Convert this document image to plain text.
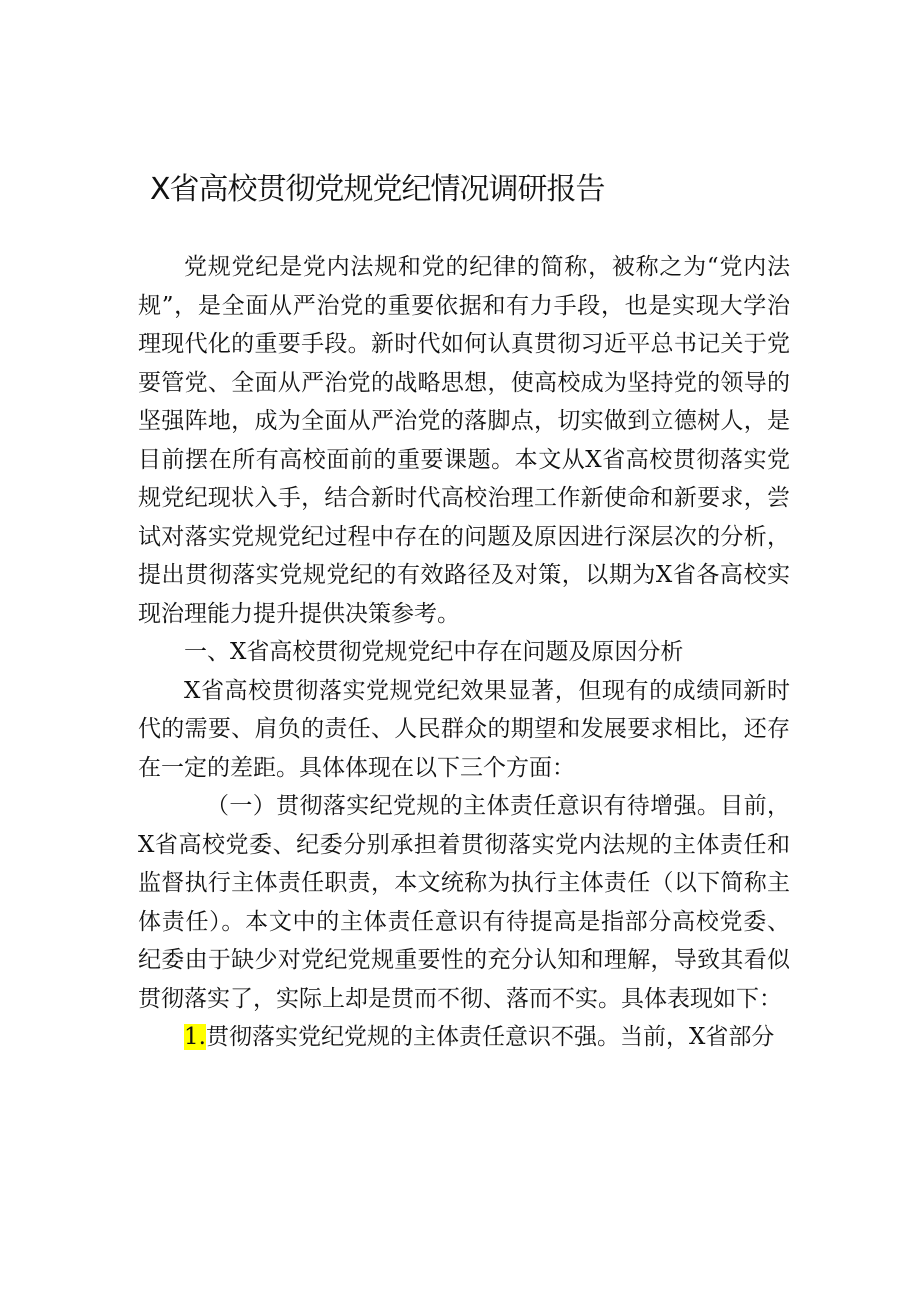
X省高校贯彻党规党纪情况调研报告

党规党纪是党内法规和党的纪律的简称，被称之为“党内法规”，是全面从严治党的重要依据和有力手段，也是实现大学治理现代化的重要手段。新时代如何认真贯彻习近平总书记关于党要管党、全面从严治党的战略思想，使高校成为坚持党的领导的坚强阵地，成为全面从严治党的落脚点，切实做到立德树人，是目前摆在所有高校面前的重要课题。本文从X省高校贯彻落实党规党纪现状入手，结合新时代高校治理工作新使命和新要求，尝试对落实党规党纪过程中存在的问题及原因进行深层次的分析，提出贯彻落实党规党纪的有效路径及对策，以期为X省各高校实现治理能力提升提供决策参考。

一、X省高校贯彻党规党纪中存在问题及原因分析

X省高校贯彻落实党规党纪效果显著，但现有的成绩同新时代的需要、肩负的责任、人民群众的期望和发展要求相比，还存在一定的差距。具体体现在以下三个方面：

（一）贯彻落实纪党规的主体责任意识有待增强。目前，X省高校党委、纪委分别承担着贯彻落实党内法规的主体责任和监督执行主体责任职责，本文统称为执行主体责任（以下简称主体责任）。本文中的主体责任意识有待提高是指部分高校党委、纪委由于缺少对党纪党规重要性的充分认知和理解，导致其看似贯彻落实了，实际上却是贯而不彻、落而不实。具体表现如下：

1.贯彻落实党纪党规的主体责任意识不强。当前，X省部分
